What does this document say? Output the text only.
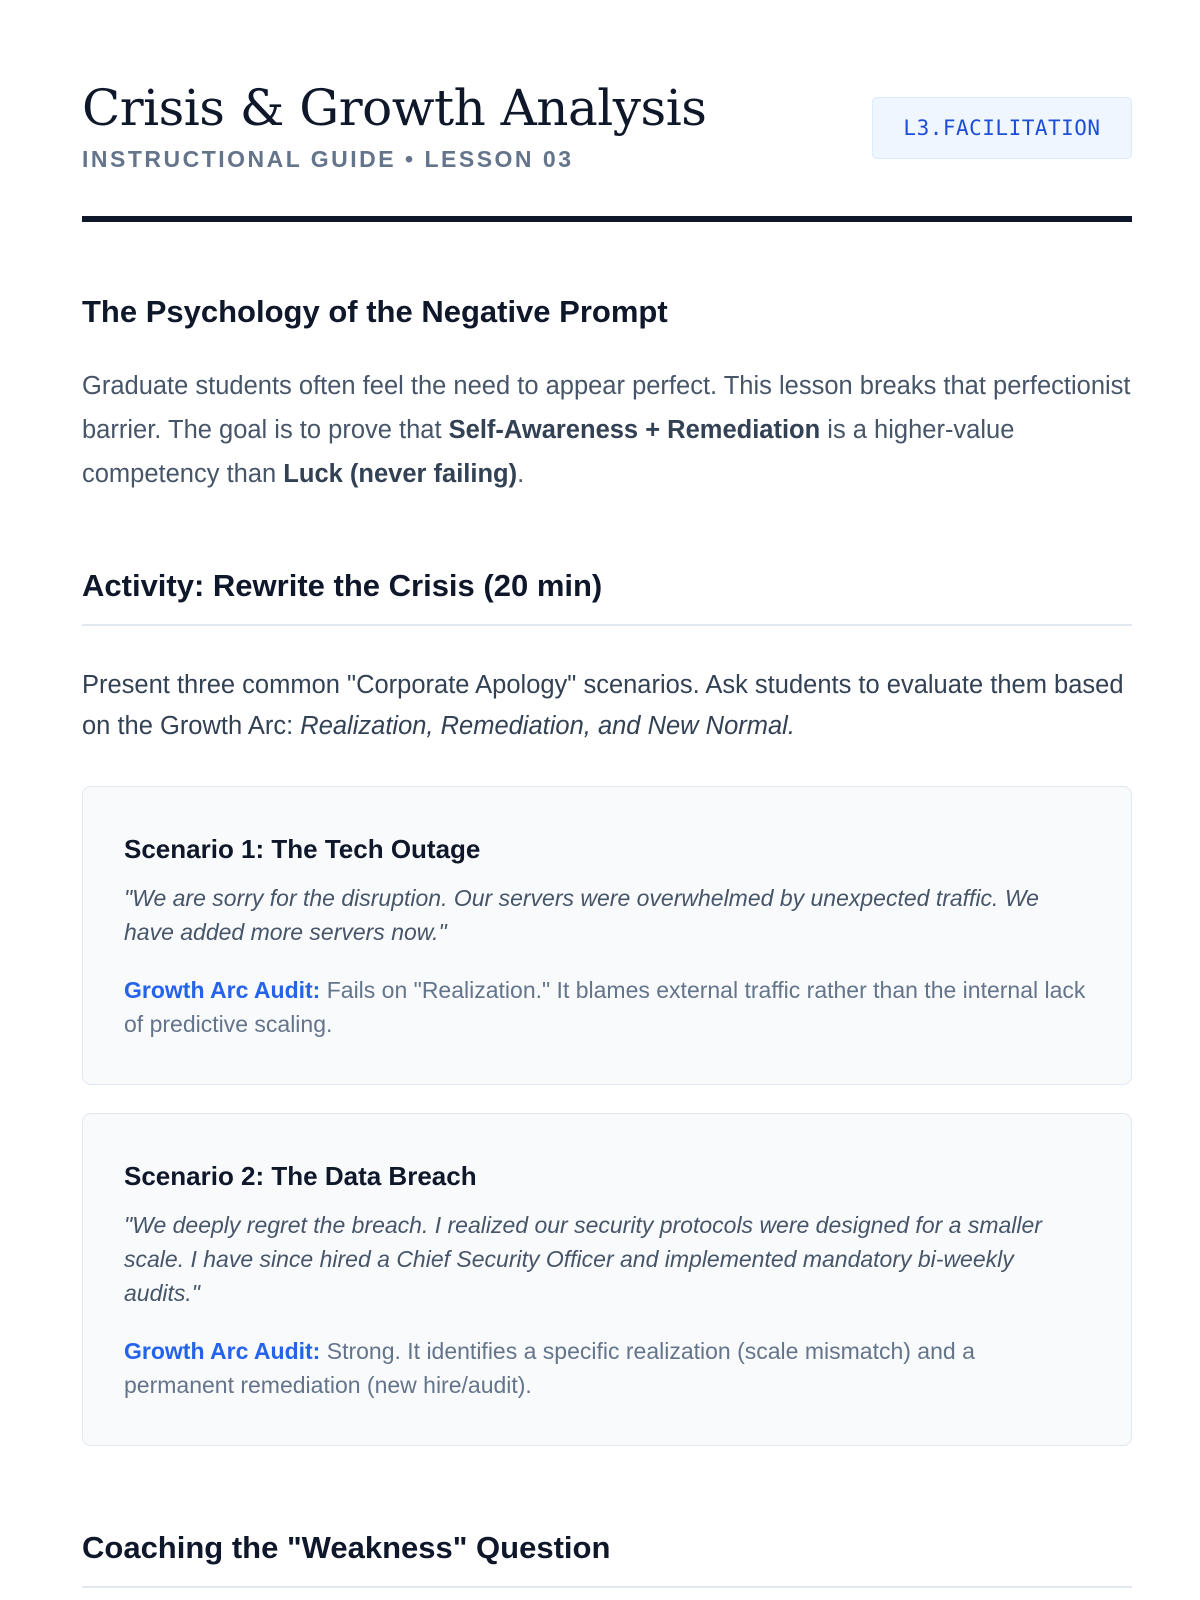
Crisis & Growth Analysis
INSTRUCTIONAL GUIDE • LESSON 03
L3.FACILITATION
The Psychology of the Negative Prompt

Graduate students often feel the need to appear perfect. This lesson breaks that perfectionist barrier. The goal is to prove that Self-Awareness + Remediation is a higher-value competency than Luck (never failing).

Activity: Rewrite the Crisis (20 min)

Present three common "Corporate Apology" scenarios. Ask students to evaluate them based on the Growth Arc: Realization, Remediation, and New Normal.

Scenario 1: The Tech Outage

"We are sorry for the disruption. Our servers were overwhelmed by unexpected traffic. We have added more servers now."

Growth Arc Audit: Fails on "Realization." It blames external traffic rather than the internal lack of predictive scaling.

Scenario 2: The Data Breach

"We deeply regret the breach. I realized our security protocols were designed for a smaller scale. I have since hired a Chief Security Officer and implemented mandatory bi-weekly audits."

Growth Arc Audit: Strong. It identifies a specific realization (scale mismatch) and a permanent remediation (new hire/audit).

Coaching the "Weakness" Question
